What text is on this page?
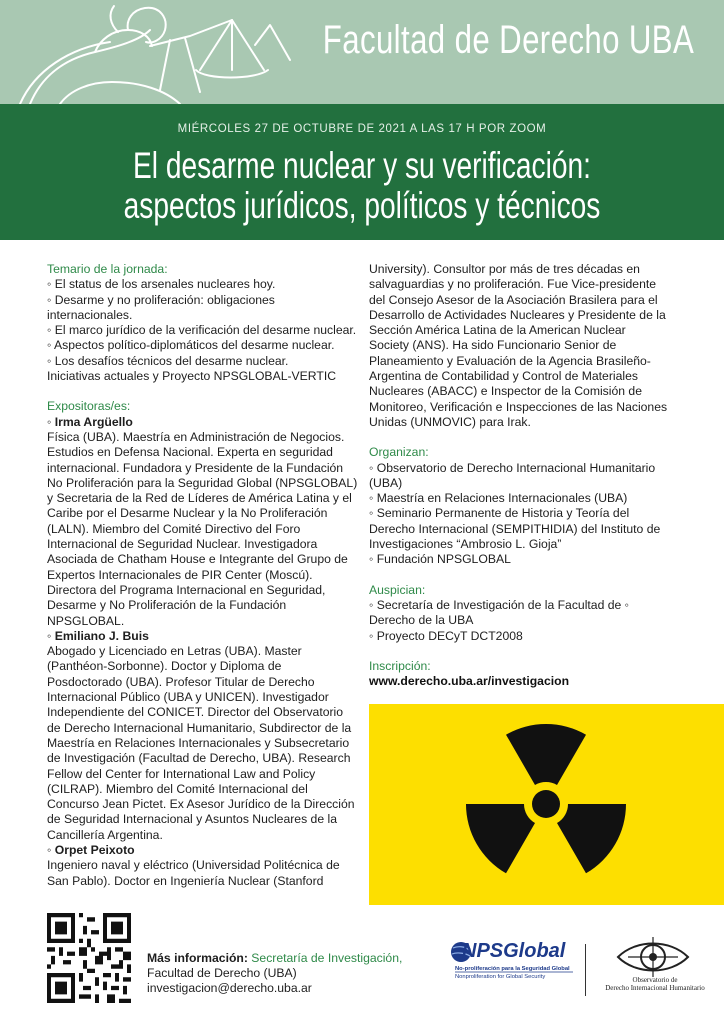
Facultad de Derecho UBA
MIÉRCOLES 27 DE OCTUBRE DE 2021 A LAS 17 H POR ZOOM
El desarme nuclear y su verificación:
aspectos jurídicos, políticos y técnicos
Temario de la jornada:
◦ El status de los arsenales nucleares hoy.
◦ Desarme y no proliferación: obligaciones internacionales.
◦ El marco jurídico de la verificación del desarme nuclear.
◦ Aspectos político-diplomáticos del desarme nuclear.
◦ Los desafíos técnicos del desarme nuclear.
Iniciativas actuales y Proyecto NPSGLOBAL-VERTIC
Expositoras/es:
◦ Irma Argüello
Física (UBA). Maestría en Administración de Negocios. Estudios en Defensa Nacional. Experta en seguridad internacional. Fundadora y Presidente de la Fundación No Proliferación para la Seguridad Global (NPSGLOBAL) y Secretaria de la Red de Líderes de América Latina y el Caribe por el Desarme Nuclear y la No Proliferación (LALN). Miembro del Comité Directivo del Foro Internacional de Seguridad Nuclear. Investigadora Asociada de Chatham House e Integrante del Grupo de Expertos Internacionales de PIR Center (Moscú). Directora del Programa Internacional en Seguridad, Desarme y No Proliferación de la Fundación NPSGLOBAL.
◦ Emiliano J. Buis
Abogado y Licenciado en Letras (UBA). Master (Panthéon-Sorbonne). Doctor y Diploma de Posdoctorado (UBA). Profesor Titular de Derecho Internacional Público (UBA y UNICEN). Investigador Independiente del CONICET. Director del Observatorio de Derecho Internacional Humanitario, Subdirector de la Maestría en Relaciones Internacionales y Subsecretario de Investigación (Facultad de Derecho, UBA). Research Fellow del Center for International Law and Policy (CILRAP). Miembro del Comité Internacional del Concurso Jean Pictet. Ex Asesor Jurídico de la Dirección de Seguridad Internacional y Asuntos Nucleares de la Cancillería Argentina.
◦ Orpet Peixoto
Ingeniero naval y eléctrico (Universidad Politécnica de San Pablo). Doctor en Ingeniería Nuclear (Stanford
University). Consultor por más de tres décadas en salvaguardias y no proliferación. Fue Vice-presidente del Consejo Asesor de la Asociación Brasilera para el Desarrollo de Actividades Nucleares y Presidente de la Sección América Latina de la American Nuclear Society (ANS). Ha sido Funcionario Senior de Planeamiento y Evaluación de la Agencia Brasileño-Argentina de Contabilidad y Control de Materiales Nucleares (ABACC) e Inspector de la Comisión de Monitoreo, Verificación e Inspecciones de las Naciones Unidas (UNMOVIC) para Irak.
Organizan:
◦ Observatorio de Derecho Internacional Humanitario (UBA)
◦ Maestría en Relaciones Internacionales (UBA)
◦ Seminario Permanente de Historia y Teoría del Derecho Internacional (SEMPITHIDIA) del Instituto de Investigaciones “Ambrosio L. Gioja”
◦ Fundación NPSGLOBAL
Auspician:
◦ Secretaría de Investigación de la Facultad de ◦ Derecho de la UBA
◦ Proyecto DECyT DCT2008
Inscripción:
www.derecho.uba.ar/investigacion
Más información: Secretaría de Investigación,
Facultad de Derecho (UBA)
investigacion@derecho.uba.ar
NPSGlobal
No-proliferación para la Seguridad Global
Nonproliferation for Global Security	Observatorio de
Derecho Internacional Humanitario
